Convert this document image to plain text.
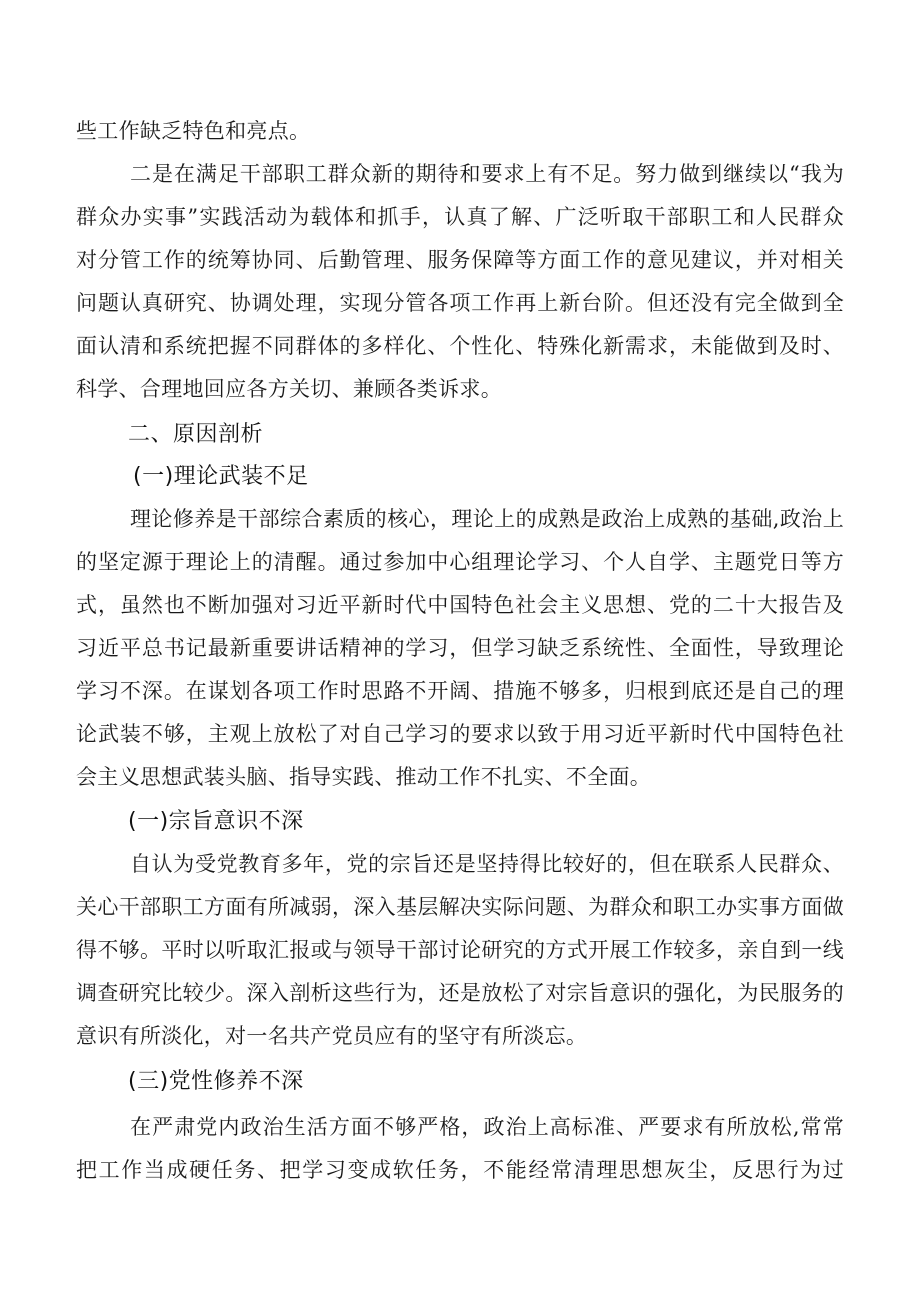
些工作缺乏特色和亮点。
二是在满足干部职工群众新的期待和要求上有不足。努力做到继续以“我为
群众办实事”实践活动为载体和抓手，认真了解、广泛听取干部职工和人民群众
对分管工作的统筹协同、后勤管理、服务保障等方面工作的意见建议，并对相关
问题认真研究、协调处理，实现分管各项工作再上新台阶。但还没有完全做到全
面认清和系统把握不同群体的多样化、个性化、特殊化新需求，未能做到及时、
科学、合理地回应各方关切、兼顾各类诉求。
二、原因剖析
(一)理论武装不足
理论修养是干部综合素质的核心，理论上的成熟是政治上成熟的基础,政治上
的坚定源于理论上的清醒。通过参加中心组理论学习、个人自学、主题党日等方
式，虽然也不断加强对习近平新时代中国特色社会主义思想、党的二十大报告及
习近平总书记最新重要讲话精神的学习，但学习缺乏系统性、全面性，导致理论
学习不深。在谋划各项工作时思路不开阔、措施不够多，归根到底还是自己的理
论武装不够，主观上放松了对自己学习的要求以致于用习近平新时代中国特色社
会主义思想武装头脑、指导实践、推动工作不扎实、不全面。
(一)宗旨意识不深
自认为受党教育多年，党的宗旨还是坚持得比较好的，但在联系人民群众、
关心干部职工方面有所减弱，深入基层解决实际问题、为群众和职工办实事方面做
得不够。平时以听取汇报或与领导干部讨论研究的方式开展工作较多，亲自到一线
调查研究比较少。深入剖析这些行为，还是放松了对宗旨意识的强化，为民服务的
意识有所淡化，对一名共产党员应有的坚守有所淡忘。
(三)党性修养不深
在严肃党内政治生活方面不够严格，政治上高标准、严要求有所放松,常常
把工作当成硬任务、把学习变成软任务，不能经常清理思想灰尘，反思行为过
